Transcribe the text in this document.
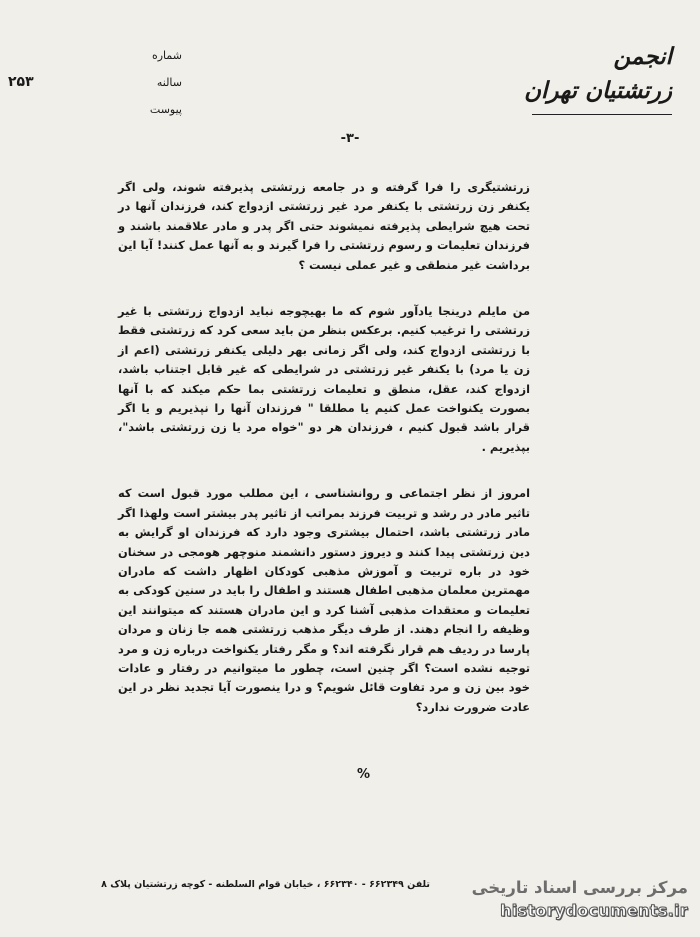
انجمن زرتشتیان تهران
شماره
سالنه
پیوست
۲۵۳
-۳-

زرتشتیگری را فرا گرفته و در جامعه زرتشتی پذیرفته شوند، ولی اگر یکنفر زن زرتشتی با یکنفر مرد غیر زرتشتی ازدواج کند، فرزندان آنها در تحت هیچ شرایطی پذیرفته نمیشوند حتی اگر پدر و مادر علاقمند باشند و فرزندان تعلیمات و رسوم زرتشتی را فرا گیرند و به آنها عمل کنند! آیا این برداشت غیر منطقی و غیر عملی نیست ؟

من مایلم درینجا یادآور شوم که ما بهیچوجه نباید ازدواج زرتشتی با غیر زرتشتی را ترغیب کنیم. برعکس بنظر من باید سعی کرد که زرتشتی فقط با زرتشتی ازدواج کند، ولی اگر زمانی بهر دلیلی یکنفر زرتشتی (اعم از زن یا مرد) با یکنفر غیر زرتشتی در شرایطی که غیر قابل اجتناب باشد، ازدواج کند، عقل، منطق و تعلیمات زرتشتی بما حکم میکند که با آنها بصورت یکنواخت عمل کنیم یا مطلقا " فرزندان آنها را نپذیریم و یا اگر قرار باشد قبول کنیم ، فرزندان هر دو "خواه مرد یا زن زرتشتی باشد"، بپذیریم .

امروز از نظر اجتماعی و روانشناسی ، این مطلب مورد قبول است که تاثیر مادر در رشد و تربیت فرزند بمراتب از تاثیر پدر بیشتر است ولهذا اگر مادر زرتشتی باشد، احتمال بیشتری وجود دارد که فرزندان او گرایش به دین زرتشتی پیدا کنند و دیروز دستور دانشمند منوچهر هومجی در سخنان خود در باره تربیت و آموزش مذهبی کودکان اظهار داشت که مادران مهمترین معلمان مذهبی اطفال هستند و اطفال را باید در سنین کودکی به تعلیمات و معتقدات مذهبی آشنا کرد و این مادران هستند که میتوانند این وظیفه را انجام دهند. از طرف دیگر مذهب زرتشتی همه جا زنان و مردان پارسا در ردیف هم قرار نگرفته اند؟ و مگر رفتار یکنواخت درباره زن و مرد توجیه نشده است؟ اگر چنین است، چطور ما میتوانیم در رفتار و عادات خود بین زن و مرد تفاوت قائل شویم؟ و درا ینصورت آیا تجدید نظر در این عادت ضرورت ندارد؟

%
تلفن ۶۶۲۳۴۹ - ۶۶۲۳۴۰ ، خیابان قوام السلطنه - کوچه زرتشتیان پلاک ۸	مرکز بررسی اسناد تاریخی
historydocuments.ir
